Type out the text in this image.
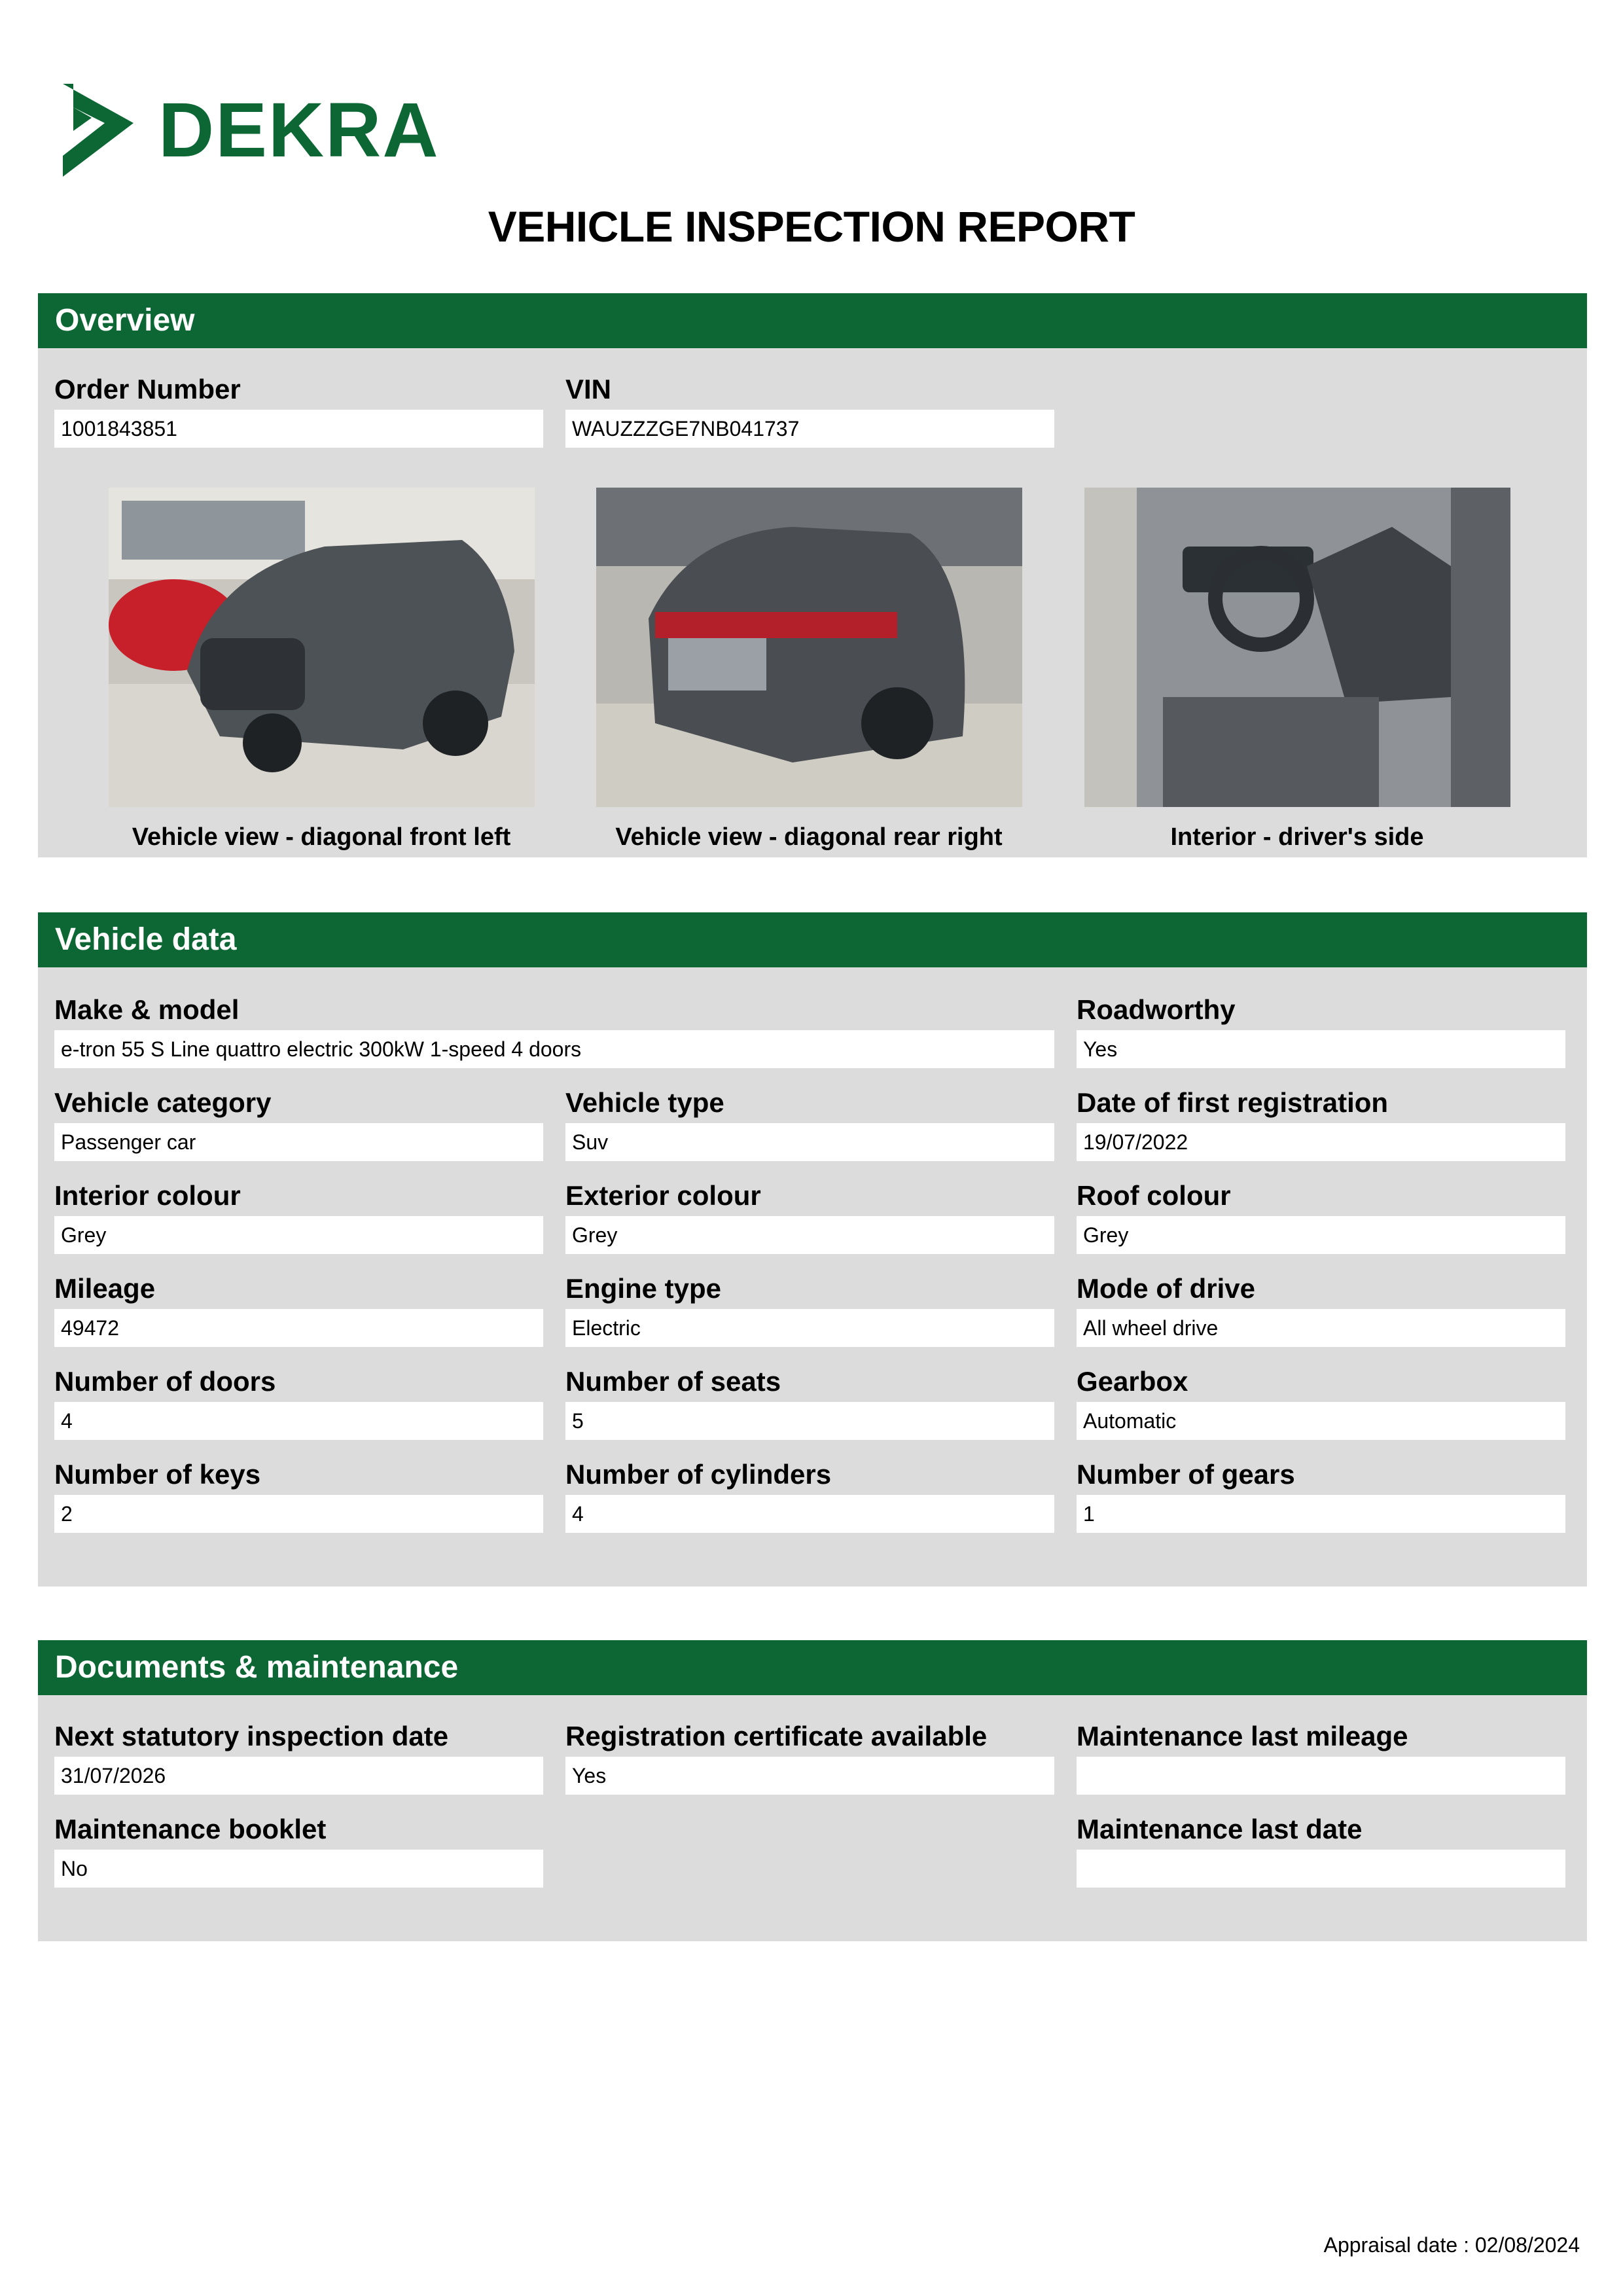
DEKRA
VEHICLE INSPECTION REPORT
Overview
Order Number
1001843851
VIN
WAUZZZGE7NB041737
Vehicle view - diagonal front left	Vehicle view - diagonal rear right	Interior - driver's side
Vehicle data
Make & model
e-tron 55 S Line quattro electric 300kW 1-speed 4 doors
Roadworthy
Yes
Vehicle category
Passenger car
Vehicle type
Suv
Date of first registration
19/07/2022
Interior colour
Grey
Exterior colour
Grey
Roof colour
Grey
Mileage
49472
Engine type
Electric
Mode of drive
All wheel drive
Number of doors
4
Number of seats
5
Gearbox
Automatic
Number of keys
2
Number of cylinders
4
Number of gears
1
Documents & maintenance
Next statutory inspection date
31/07/2026
Registration certificate available
Yes
Maintenance last mileage
Maintenance booklet
No
Maintenance last date
Appraisal date : 02/08/2024
